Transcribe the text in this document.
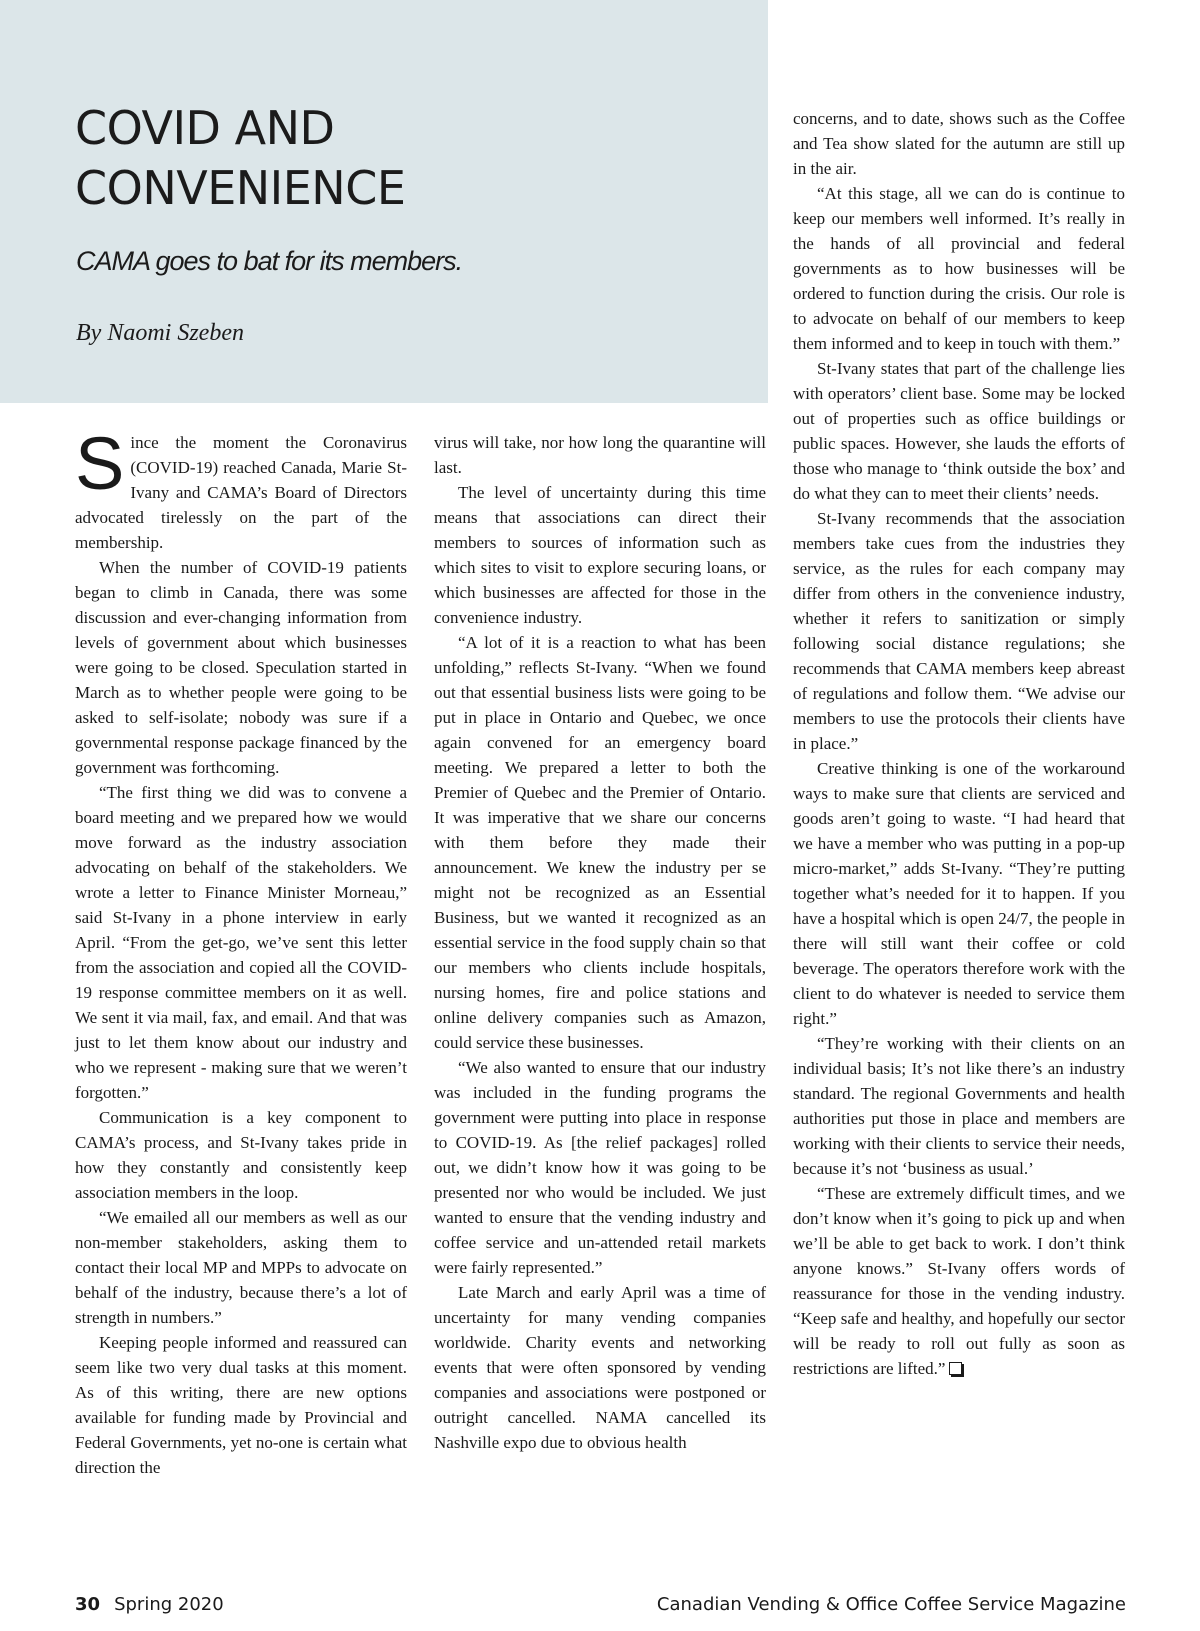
COVID AND
CONVENIENCE
CAMA goes to bat for its members.
By Naomi Szeben

Since the moment the Coronavirus (COVID-19) reached Canada, Marie St-Ivany and CAMA’s Board of Directors advocated tirelessly on the part of the membership.

When the number of COVID-19 patients began to climb in Canada, there was some discussion and ever-changing information from levels of government about which businesses were going to be closed. Speculation started in March as to whether people were going to be asked to self-isolate; nobody was sure if a governmental response package financed by the government was forthcoming.

“The first thing we did was to convene a board meeting and we prepared how we would move forward as the industry association advocating on behalf of the stakeholders. We wrote a letter to Finance Minister Morneau,” said St-Ivany in a phone interview in early April. “From the get-go, we’ve sent this letter from the association and copied all the COVID-19 response committee members on it as well. We sent it via mail, fax, and email. And that was just to let them know about our industry and who we represent - making sure that we weren’t forgotten.”

Communication is a key component to CAMA’s process, and St-Ivany takes pride in how they constantly and consistently keep association members in the loop.

“We emailed all our members as well as our non-member stakeholders, asking them to contact their local MP and MPPs to advocate on behalf of the industry, because there’s a lot of strength in numbers.”

Keeping people informed and reassured can seem like two very dual tasks at this moment. As of this writing, there are new options available for funding made by Provincial and Federal Governments, yet no-one is certain what direction the

virus will take, nor how long the quarantine will last.

The level of uncertainty during this time means that associations can direct their members to sources of information such as which sites to visit to explore securing loans, or which businesses are affected for those in the convenience industry.

“A lot of it is a reaction to what has been unfolding,” reflects St-Ivany. “When we found out that essential business lists were going to be put in place in Ontario and Quebec, we once again convened for an emergency board meeting. We prepared a letter to both the Premier of Quebec and the Premier of Ontario. It was imperative that we share our concerns with them before they made their announcement. We knew the industry per se might not be recognized as an Essential Business, but we wanted it recognized as an essential service in the food supply chain so that our members who clients include hospitals, nursing homes, fire and police stations and online delivery companies such as Amazon, could service these businesses.

“We also wanted to ensure that our industry was included in the funding programs the government were putting into place in response to COVID-19. As [the relief packages] rolled out, we didn’t know how it was going to be presented nor who would be included. We just wanted to ensure that the vending industry and coffee service and un-attended retail markets were fairly represented.”

Late March and early April was a time of uncertainty for many vending companies worldwide. Charity events and networking events that were often sponsored by vending companies and associations were postponed or outright cancelled. NAMA cancelled its Nashville expo due to obvious health

concerns, and to date, shows such as the Coffee and Tea show slated for the autumn are still up in the air.

“At this stage, all we can do is continue to keep our members well informed. It’s really in the hands of all provincial and federal governments as to how businesses will be ordered to function during the crisis. Our role is to advocate on behalf of our members to keep them informed and to keep in touch with them.”

St-Ivany states that part of the challenge lies with operators’ client base. Some may be locked out of properties such as office buildings or public spaces. However, she lauds the efforts of those who manage to ‘think outside the box’ and do what they can to meet their clients’ needs.

St-Ivany recommends that the association members take cues from the industries they service, as the rules for each company may differ from others in the convenience industry, whether it refers to sanitization or simply following social distance regulations; she recommends that CAMA members keep abreast of regulations and follow them. “We advise our members to use the protocols their clients have in place.”

Creative thinking is one of the workaround ways to make sure that clients are serviced and goods aren’t going to waste. “I had heard that we have a member who was putting in a pop-up micro-market,” adds St-Ivany. “They’re putting together what’s needed for it to happen. If you have a hospital which is open 24/7, the people in there will still want their coffee or cold beverage. The operators therefore work with the client to do whatever is needed to service them right.”

“They’re working with their clients on an individual basis; It’s not like there’s an industry standard. The regional Governments and health authorities put those in place and members are working with their clients to service their needs, because it’s not ‘business as usual.’

“These are extremely difficult times, and we don’t know when it’s going to pick up and when we’ll be able to get back to work. I don’t think anyone knows.” St-Ivany offers words of reassurance for those in the vending industry. “Keep safe and healthy, and hopefully our sector will be ready to roll out fully as soon as restrictions are lifted.”

30 Spring 2020	Canadian Vending & Office Coffee Service Magazine
